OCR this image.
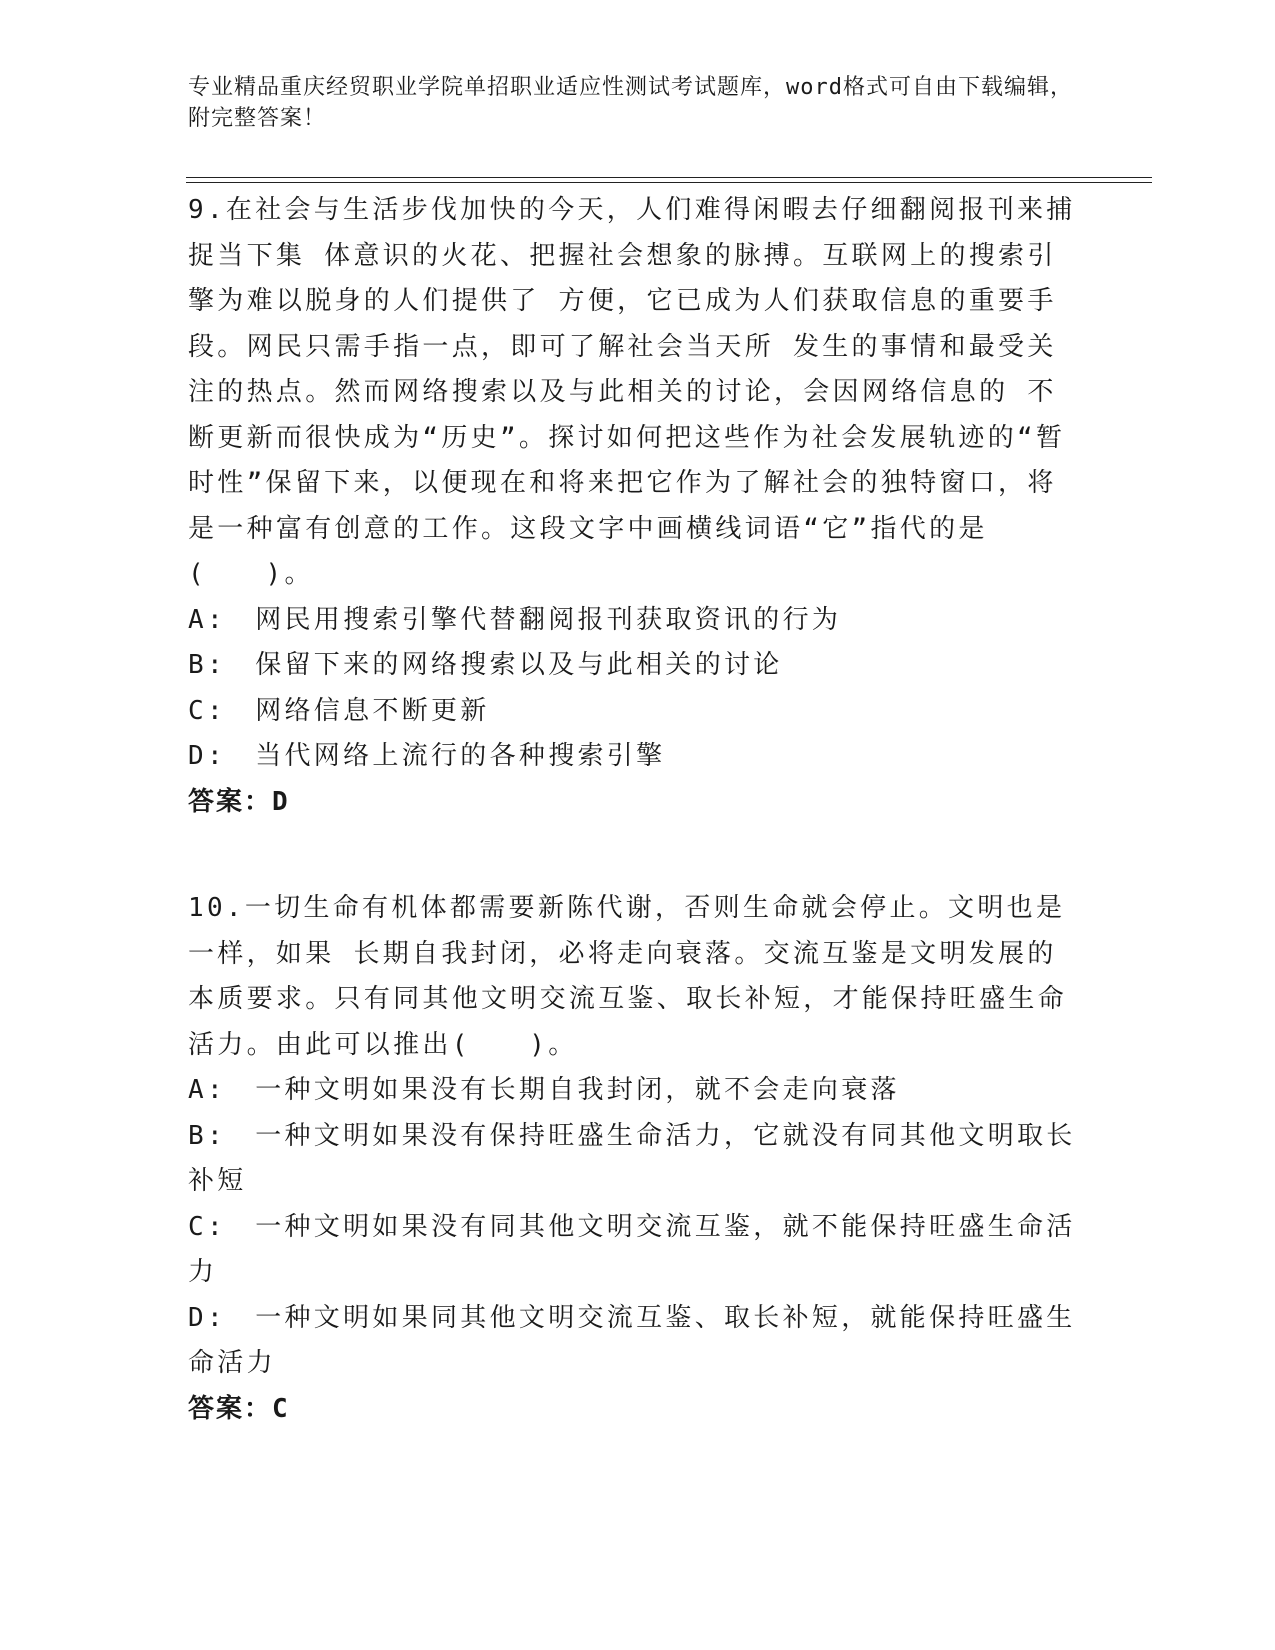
专业精品重庆经贸职业学院单招职业适应性测试考试题库，word格式可自由下载编辑，附完整答案！

9.在社会与生活步伐加快的今天，人们难得闲暇去仔细翻阅报刊来捕捉当下集 体意识的火花、把握社会想象的脉搏。互联网上的搜索引擎为难以脱身的人们提供了 方便，它已成为人们获取信息的重要手段。网民只需手指一点，即可了解社会当天所 发生的事情和最受关注的热点。然而网络搜索以及与此相关的讨论，会因网络信息的 不断更新而很快成为“历史”。探讨如何把这些作为社会发展轨迹的“暂时性”保留下来，以便现在和将来把它作为了解社会的独特窗口，将是一种富有创意的工作。这段文字中画横线词语“它”指代的是(　　)。

A:　网民用搜索引擎代替翻阅报刊获取资讯的行为

B:　保留下来的网络搜索以及与此相关的讨论

C:　网络信息不断更新

D:　当代网络上流行的各种搜索引擎

答案：D

10.一切生命有机体都需要新陈代谢，否则生命就会停止。文明也是一样，如果 长期自我封闭，必将走向衰落。交流互鉴是文明发展的本质要求。只有同其他文明交流互鉴、取长补短，才能保持旺盛生命活力。由此可以推出(　　)。

A:　一种文明如果没有长期自我封闭，就不会走向衰落

B:　一种文明如果没有保持旺盛生命活力，它就没有同其他文明取长补短

C:　一种文明如果没有同其他文明交流互鉴，就不能保持旺盛生命活力

D:　一种文明如果同其他文明交流互鉴、取长补短，就能保持旺盛生命活力

答案：C
